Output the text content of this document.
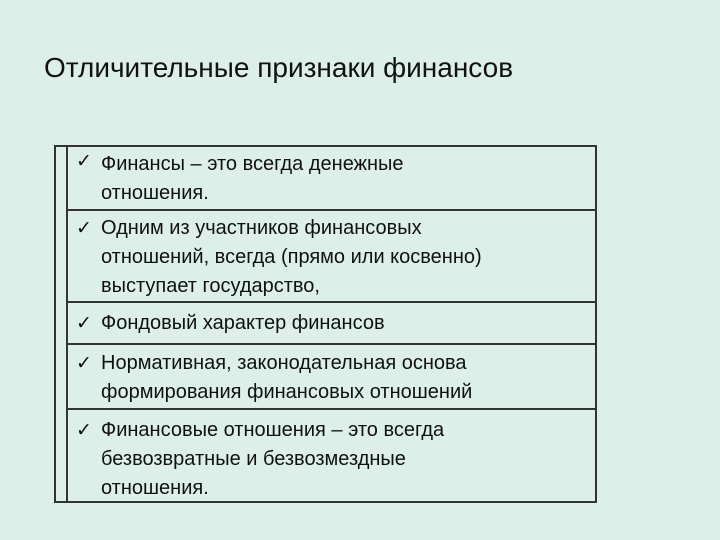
Отличительные признаки финансов
✓ Финансы – это всегда денежные
отношения.
✓ Одним из участников финансовых
отношений, всегда (прямо или косвенно)
выступает государство,
✓ Фондовый характер финансов
✓ Нормативная, законодательная основа
формирования финансовых отношений
✓ Финансовые отношения – это всегда
безвозвратные и безвозмездные
отношения.
